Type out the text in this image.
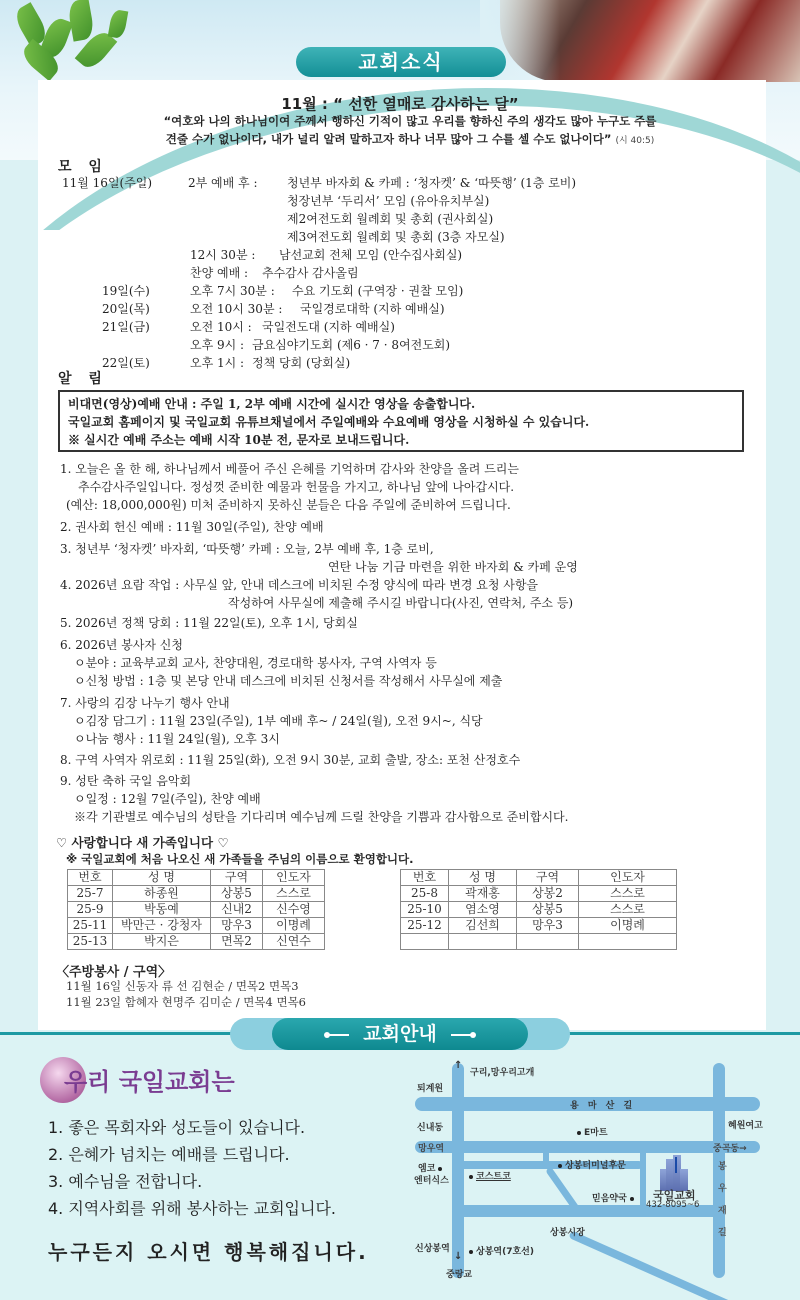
교회소식
11월 : “ 선한 열매로 감사하는 달”
“여호와 나의 하나님이여 주께서 행하신 기적이 많고 우리를 향하신 주의 생각도 많아 누구도 주를
견줄 수가 없나이다, 내가 널리 알려 말하고자 하나 너무 많아 그 수를 셀 수도 없나이다” (시 40:5)
모 임
11월 16일(주일)	2부 예배 후 : 청년부 바자회 & 카페 : ‘청자켓’ & ‘따뜻행’ (1층 로비)
청장년부 ‘두리서’ 모임 (유아유치부실)
제2여전도회 월례회 및 총회 (권사회실)
제3여전도회 월례회 및 총회 (3층 자모실)
12시 30분 : 남선교회 전체 모임 (안수집사회실)
찬양 예배 : 추수감사 감사올림
19일(수)	오후 7시 30분 : 수요 기도회 (구역장 · 권찰 모임)
20일(목)	오전 10시 30분 : 국일경로대학 (지하 예배실)
21일(금)	오전 10시 : 국일전도대 (지하 예배실)
오후 9시 : 금요심야기도회 (제6 · 7 · 8여전도회)
22일(토)	오후 1시 : 정책 당회 (당회실)
알 림
비대면(영상)예배 안내 : 주일 1, 2부 예배 시간에 실시간 영상을 송출합니다.
국일교회 홈페이지 및 국일교회 유튜브채널에서 주일예배와 수요예배 영상을 시청하실 수 있습니다.
※ 실시간 예배 주소는 예배 시작 10분 전, 문자로 보내드립니다.
1. 오늘은 올 한 해, 하나님께서 베풀어 주신 은혜를 기억하며 감사와 찬양을 올려 드리는
추수감사주일입니다. 정성껏 준비한 예물과 헌물을 가지고, 하나님 앞에 나아갑시다.
(예산: 18,000,000원) 미처 준비하지 못하신 분들은 다음 주일에 준비하여 드립니다.
2. 권사회 헌신 예배 : 11월 30일(주일), 찬양 예배
3. 청년부 ‘청자켓’ 바자회, ‘따뜻행’ 카페 : 오늘, 2부 예배 후, 1층 로비,
연탄 나눔 기금 마련을 위한 바자회 & 카페 운영
4. 2026년 요람 작업 : 사무실 앞, 안내 데스크에 비치된 수정 양식에 따라 변경 요청 사항을
작성하여 사무실에 제출해 주시길 바랍니다(사진, 연락처, 주소 등)
5. 2026년 정책 당회 : 11월 22일(토), 오후 1시, 당회실
6. 2026년 봉사자 신청
ㅇ분야 : 교육부교회 교사, 찬양대원, 경로대학 봉사자, 구역 사역자 등
ㅇ신청 방법 : 1층 및 본당 안내 데스크에 비치된 신청서를 작성해서 사무실에 제출
7. 사랑의 김장 나누기 행사 안내
ㅇ김장 담그기 : 11월 23일(주일), 1부 예배 후~ / 24일(월), 오전 9시~, 식당
ㅇ나눔 행사 : 11월 24일(월), 오후 3시
8. 구역 사역자 위로회 : 11월 25일(화), 오전 9시 30분, 교회 출발, 장소: 포천 산정호수
9. 성탄 축하 국일 음악회
ㅇ일정 : 12월 7일(주일), 찬양 예배
※각 기관별로 예수님의 성탄을 기다리며 예수님께 드릴 찬양을 기쁨과 감사함으로 준비합시다.
♡ 사랑합니다 새 가족입니다 ♡
※ 국일교회에 처음 나오신 새 가족들을 주님의 이름으로 환영합니다.
번호	성 명	구역	인도자
25-7	하종원	상봉5	스스로
25-9	박동예	신내2	신수영
25-11	박만근 · 강청자	망우3	이명례
25-13	박지은	면목2	신연수
번호	성 명	구역	인도자
25-8	곽재홍	상봉2	스스로
25-10	염소영	상봉5	스스로
25-12	김선희	망우3	이명례

〈주방봉사 / 구역〉
11월 16일 신동자 류 선 김현순 / 면목2 면목3
11월 23일 함혜자 현명주 김미순 / 면목4 면목6
교회안내
우리 국일교회는
1. 좋은 목회자와 성도들이 있습니다.
2. 은혜가 넘치는 예배를 드립니다.
3. 예수님을 전합니다.
4. 지역사회를 위해 봉사하는 교회입니다.
누구든지 오시면 행복해집니다.
↑
구리,망우리고개
퇴계원
용 마 산 길
신내동	E마트
혜원여고
망우역	중곡동→
엠코
엔터식스	코스트코
상봉터미널후문
국일교회
432-8095~6
믿음약국
봉
우
재
길
상봉시장
신상봉역	상봉역(7호선)
↓
중랑교
